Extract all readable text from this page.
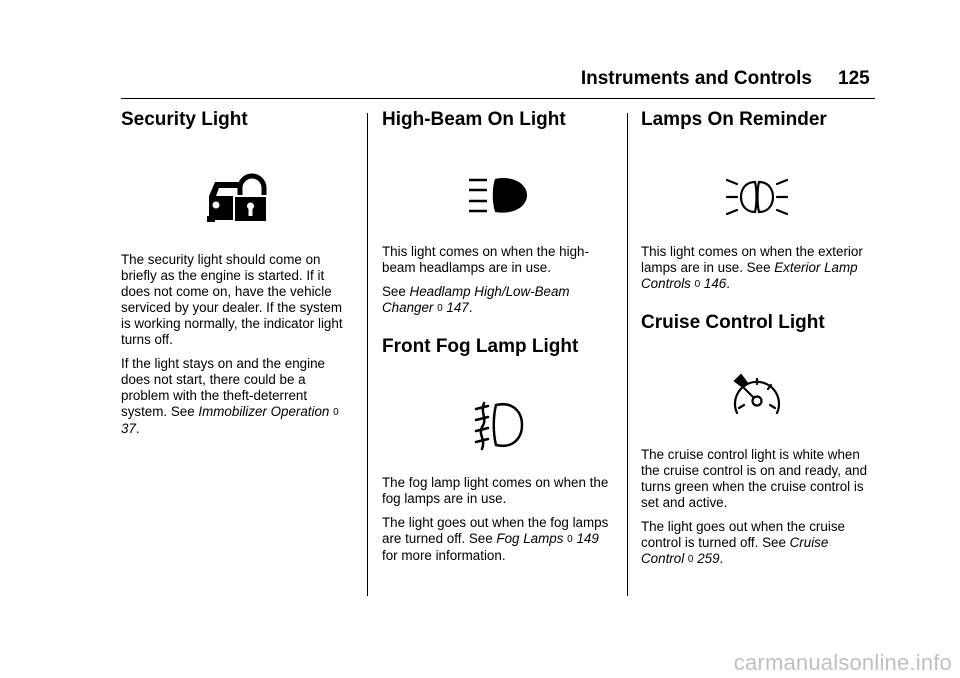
Instruments and Controls 125
Security Light

The security light should come on briefly as the engine is started. If it does not come on, have the vehicle serviced by your dealer. If the system is working normally, the indicator light turns off.

If the light stays on and the engine does not start, there could be a problem with the theft-deterrent system. See Immobilizer Operation 0 37.

High-Beam On Light

This light comes on when the high-beam headlamps are in use.

See Headlamp High/Low-Beam Changer 0 147.

Front Fog Lamp Light

The fog lamp light comes on when the fog lamps are in use.

The light goes out when the fog lamps are turned off. See Fog Lamps 0 149 for more information.

Lamps On Reminder

This light comes on when the exterior lamps are in use. See Exterior Lamp Controls 0 146.

Cruise Control Light

The cruise control light is white when the cruise control is on and ready, and turns green when the cruise control is set and active.

The light goes out when the cruise control is turned off. See Cruise Control 0 259.

carmanualsonline.info
